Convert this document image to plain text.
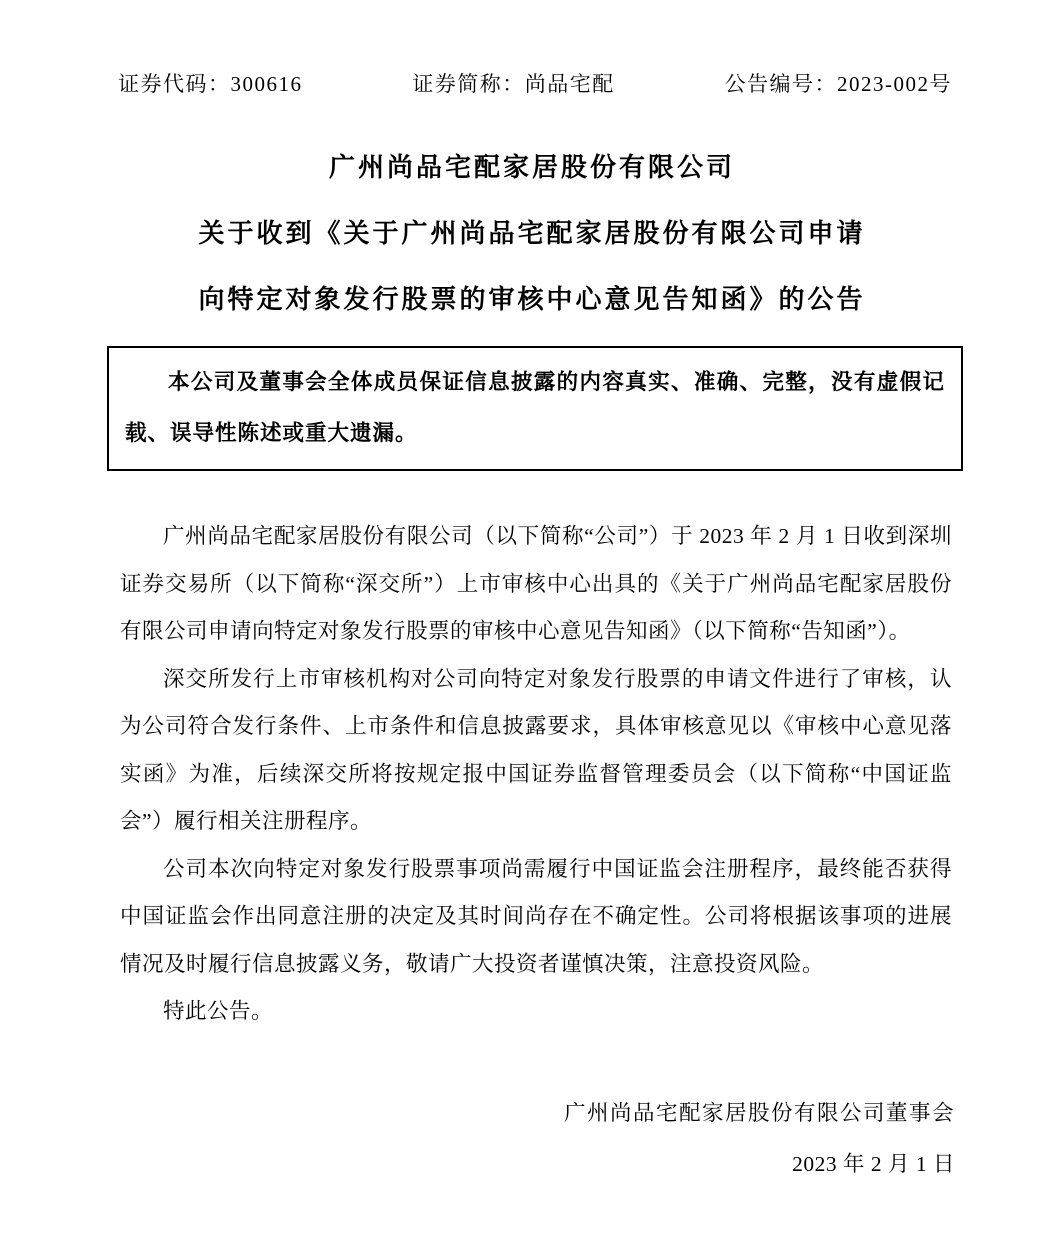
证券代码：300616	证券简称：尚品宅配	公告编号：2023-002号
广州尚品宅配家居股份有限公司
关于收到《关于广州尚品宅配家居股份有限公司申请
向特定对象发行股票的审核中心意见告知函》的公告

本公司及董事会全体成员保证信息披露的内容真实、准确、完整，没有虚假记载、误导性陈述或重大遗漏。

广州尚品宅配家居股份有限公司（以下简称“公司”）于 2023 年 2 月 1 日收到深圳证券交易所（以下简称“深交所”）上市审核中心出具的《关于广州尚品宅配家居股份有限公司申请向特定对象发行股票的审核中心意见告知函》（以下简称“告知函”）。

深交所发行上市审核机构对公司向特定对象发行股票的申请文件进行了审核，认为公司符合发行条件、上市条件和信息披露要求，具体审核意见以《审核中心意见落实函》为准，后续深交所将按规定报中国证券监督管理委员会（以下简称“中国证监会”）履行相关注册程序。

公司本次向特定对象发行股票事项尚需履行中国证监会注册程序，最终能否获得中国证监会作出同意注册的决定及其时间尚存在不确定性。公司将根据该事项的进展情况及时履行信息披露义务，敬请广大投资者谨慎决策，注意投资风险。

特此公告。

广州尚品宅配家居股份有限公司董事会
2023 年 2 月 1 日
